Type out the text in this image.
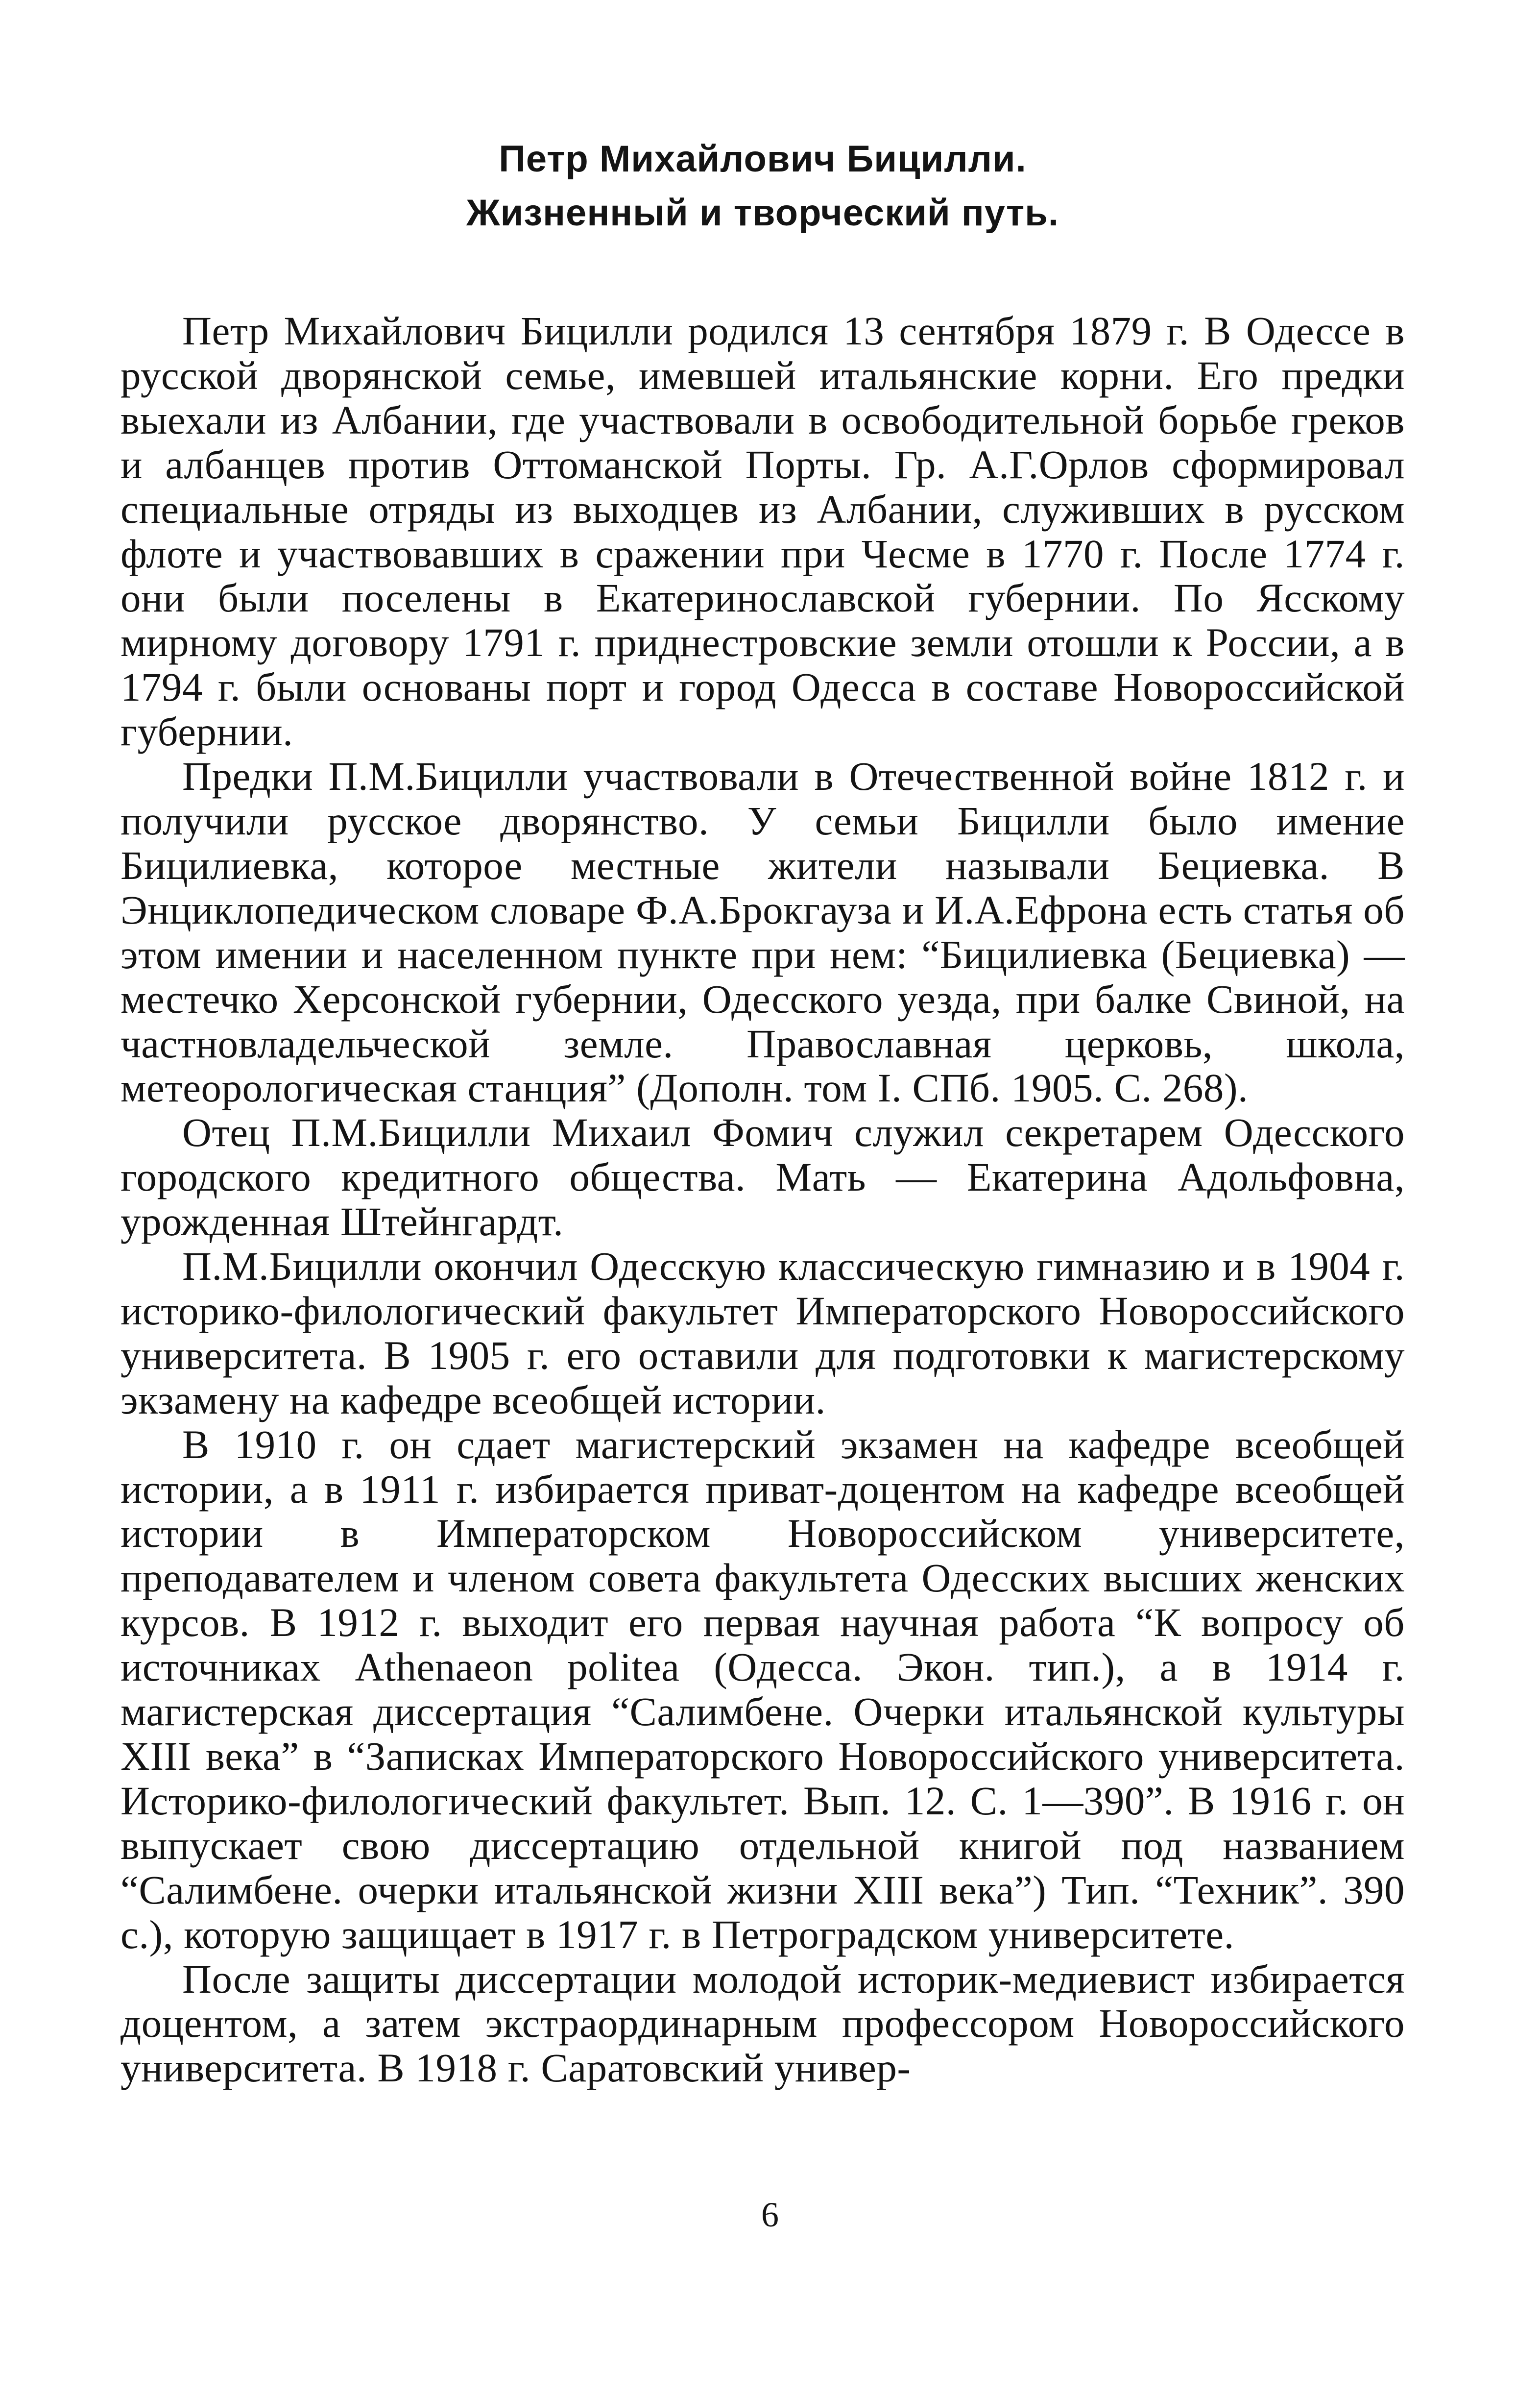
Петр Михайлович Бицилли.
Жизненный и творческий путь.

Петр Михайлович Бицилли родился 13 сентября 1879 г. В Одессе в русской дворянской семье, имевшей итальянские корни. Его предки выехали из Албании, где участвовали в освободительной борьбе греков и албанцев против Оттоманской Порты. Гр. А.Г.Орлов сформировал специальные отряды из выходцев из Албании, служивших в русском флоте и участвовавших в сражении при Чесме в 1770 г. После 1774 г. они были поселены в Екатеринославской губернии. По Ясскому мирному договору 1791 г. приднестровские земли отошли к России, а в 1794 г. были основаны порт и город Одесса в составе Новороссийской губернии.

Предки П.М.Бицилли участвовали в Отечественной войне 1812 г. и получили русское дворянство. У семьи Бицилли было имение Бицилиевка, которое местные жители называли Бециевка. В Энциклопедическом словаре Ф.А.Брокгауза и И.А.Ефрона есть статья об этом имении и населенном пункте при нем: “Бицилиевка (Бециевка) — местечко Херсонской губернии, Одесского уезда, при балке Свиной, на частновладельческой земле. Православная церковь, школа, метеорологическая станция” (Дополн. том I. СПб. 1905. С. 268).

Отец П.М.Бицилли Михаил Фомич служил секретарем Одесского городского кредитного общества. Мать — Екатерина Адольфовна, урожденная Штейнгардт.

П.М.Бицилли окончил Одесскую классическую гимназию и в 1904 г. историко-филологический факультет Императорского Новороссийского университета. В 1905 г. его оставили для подготовки к магистерскому экзамену на кафедре всеобщей истории.

В 1910 г. он сдает магистерский экзамен на кафедре всеобщей истории, а в 1911 г. избирается приват-доцентом на кафедре всеобщей истории в Императорском Новороссийском университете, преподавателем и членом совета факультета Одесских высших женских курсов. В 1912 г. выходит его первая научная работа “К вопросу об источниках Athenaeon politea (Одесса. Экон. тип.), а в 1914 г. магистерская диссертация “Салимбене. Очерки итальянской культуры XIII века” в “Записках Императорского Новороссийского университета. Историко-филологический факультет. Вып. 12. С. 1—390”. В 1916 г. он выпускает свою диссертацию отдельной книгой под названием “Салимбене. очерки итальянской жизни XIII века”) Тип. “Техник”. 390 с.), которую защищает в 1917 г. в Петроградском университете.

После защиты диссертации молодой историк-медиевист избирается доцентом, а затем экстраординарным профессором Новороссийского университета. В 1918 г. Саратовский универ-

6
